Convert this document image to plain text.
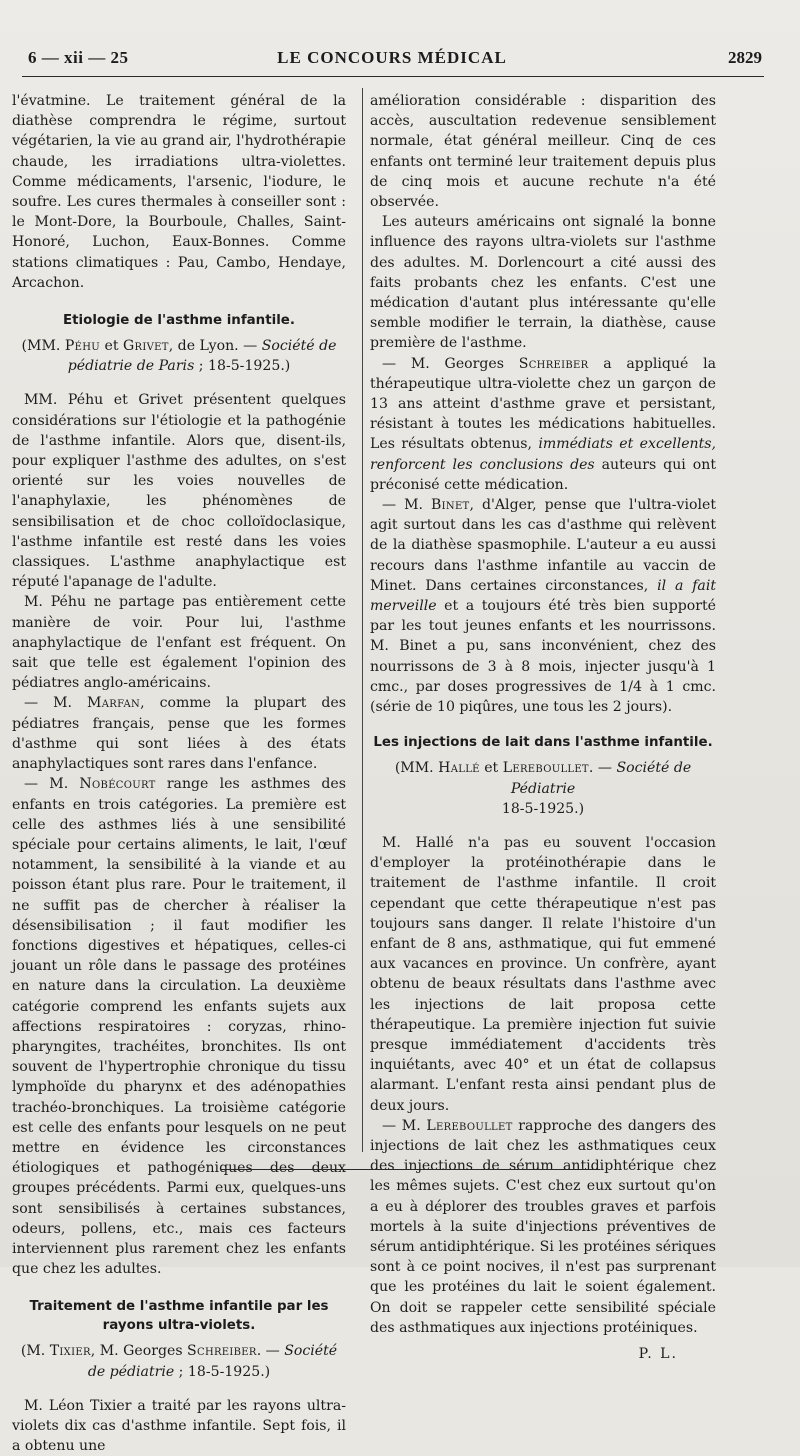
6 — xii — 25	LE CONCOURS MÉDICAL	2829

l'évatmine. Le traitement général de la diathèse comprendra le régime, surtout végétarien, la vie au grand air, l'hydrothérapie chaude, les irradiations ultra-violettes. Comme médicaments, l'arsenic, l'iodure, le soufre. Les cures thermales à conseiller sont : le Mont-Dore, la Bourboule, Challes, Saint-Honoré, Luchon, Eaux-Bonnes. Comme stations climatiques : Pau, Cambo, Hendaye, Arcachon.

Etiologie de l'asthme infantile.
(MM. Péhu et Grivet, de Lyon. — Société de pédiatrie de Paris ; 18-5-1925.)

MM. Péhu et Grivet présentent quelques considérations sur l'étiologie et la pathogénie de l'asthme infantile. Alors que, disent-ils, pour expliquer l'asthme des adultes, on s'est orienté sur les voies nouvelles de l'anaphylaxie, les phénomènes de sensibilisation et de choc colloïdoclasique, l'asthme infantile est resté dans les voies classiques. L'asthme anaphylactique est réputé l'apanage de l'adulte.

M. Péhu ne partage pas entièrement cette manière de voir. Pour lui, l'asthme anaphylactique de l'enfant est fréquent. On sait que telle est également l'opinion des pédiatres anglo-américains.

— M. Marfan, comme la plupart des pédiatres français, pense que les formes d'asthme qui sont liées à des états anaphylactiques sont rares dans l'enfance.

— M. Nobécourt range les asthmes des enfants en trois catégories. La première est celle des asthmes liés à une sensibilité spéciale pour certains aliments, le lait, l'œuf notamment, la sensibilité à la viande et au poisson étant plus rare. Pour le traitement, il ne suffit pas de chercher à réaliser la désensibilisation ; il faut modifier les fonctions digestives et hépatiques, celles-ci jouant un rôle dans le passage des protéines en nature dans la circulation. La deuxième catégorie comprend les enfants sujets aux affections respiratoires : coryzas, rhino-pharyngites, trachéites, bronchites. Ils ont souvent de l'hypertrophie chronique du tissu lymphoïde du pharynx et des adénopathies trachéo-bronchiques. La troisième catégorie est celle des enfants pour lesquels on ne peut mettre en évidence les circonstances étiologiques et pathogéniques des deux groupes précédents. Parmi eux, quelques-uns sont sensibilisés à certaines substances, odeurs, pollens, etc., mais ces facteurs interviennent plus rarement chez les enfants que chez les adultes.

Traitement de l'asthme infantile par les rayons ultra-violets.
(M. Tixier, M. Georges Schreiber. — Société de pédiatrie ; 18-5-1925.)

M. Léon Tixier a traité par les rayons ultra-violets dix cas d'asthme infantile. Sept fois, il a obtenu une

amélioration considérable : disparition des accès, auscultation redevenue sensiblement normale, état général meilleur. Cinq de ces enfants ont terminé leur traitement depuis plus de cinq mois et aucune rechute n'a été observée.

Les auteurs américains ont signalé la bonne influence des rayons ultra-violets sur l'asthme des adultes. M. Dorlencourt a cité aussi des faits probants chez les enfants. C'est une médication d'autant plus intéressante qu'elle semble modifier le terrain, la diathèse, cause première de l'asthme.

— M. Georges Schreiber a appliqué la thérapeutique ultra-violette chez un garçon de 13 ans atteint d'asthme grave et persistant, résistant à toutes les médications habituelles. Les résultats obtenus, immédiats et excellents, renforcent les conclusions des auteurs qui ont préconisé cette médication.

— M. Binet, d'Alger, pense que l'ultra-violet agit surtout dans les cas d'asthme qui relèvent de la diathèse spasmophile. L'auteur a eu aussi recours dans l'asthme infantile au vaccin de Minet. Dans certaines circonstances, il a fait merveille et a toujours été très bien supporté par les tout jeunes enfants et les nourrissons. M. Binet a pu, sans inconvénient, chez des nourrissons de 3 à 8 mois, injecter jusqu'à 1 cmc., par doses progressives de 1/4 à 1 cmc. (série de 10 piqûres, une tous les 2 jours).

Les injections de lait dans l'asthme infantile.
(MM. Hallé et Lereboullet. — Société de Pédiatrie
18-5-1925.)

M. Hallé n'a pas eu souvent l'occasion d'employer la protéinothérapie dans le traitement de l'asthme infantile. Il croit cependant que cette thérapeutique n'est pas toujours sans danger. Il relate l'histoire d'un enfant de 8 ans, asthmatique, qui fut emmené aux vacances en province. Un confrère, ayant obtenu de beaux résultats dans l'asthme avec les injections de lait proposa cette thérapeutique. La première injection fut suivie presque immédiatement d'accidents très inquiétants, avec 40° et un état de collapsus alarmant. L'enfant resta ainsi pendant plus de deux jours.

— M. Lereboullet rapproche des dangers des injections de lait chez les asthmatiques ceux des injections de sérum antidiphtérique chez les mêmes sujets. C'est chez eux surtout qu'on a eu à déplorer des troubles graves et parfois mortels à la suite d'injections préventives de sérum antidiphtérique. Si les protéines sériques sont à ce point nocives, il n'est pas surprenant que les protéines du lait le soient également. On doit se rappeler cette sensibilité spéciale des asthmatiques aux injections protéiniques.

P. L.
